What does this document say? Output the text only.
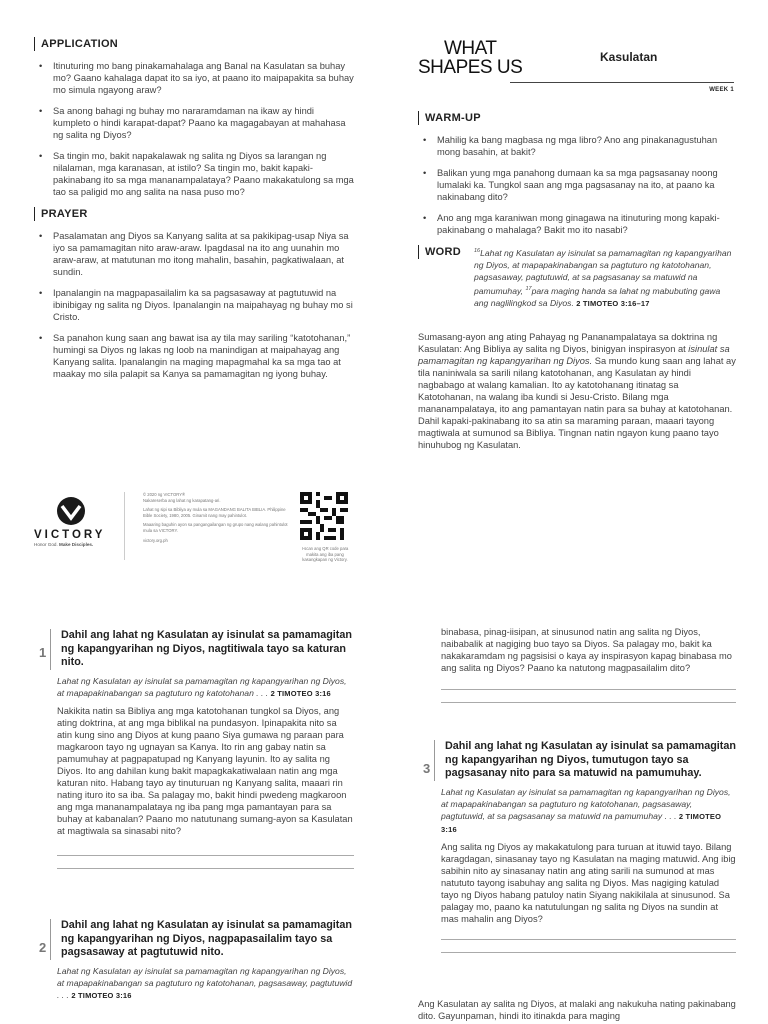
APPLICATION
• Itinuturing mo bang pinakamahalaga ang Banal na Kasulatan sa buhay mo? Gaano kahalaga dapat ito sa iyo, at paano ito maipapakita sa buhay mo simula ngayong araw?
• Sa anong bahagi ng buhay mo nararamdaman na ikaw ay hindi kumpleto o hindi karapat-dapat? Paano ka magagabayan at mahahasa ng salita ng Diyos?
• Sa tingin mo, bakit napakalawak ng salita ng Diyos sa larangan ng nilalaman, mga karanasan, at istilo? Sa tingin mo, bakit kapaki-pakinabang ito sa mga mananampalataya? Paano makakatulong sa mga tao sa paligid mo ang salita na nasa puso mo?
PRAYER
• Pasalamatan ang Diyos sa Kanyang salita at sa pakikipag-usap Niya sa iyo sa pamamagitan nito araw-araw. Ipagdasal na ito ang uunahin mo araw-araw, at matutunan mo itong mahalin, basahin, pagkatiwalaan, at sundin.
• Ipanalangin na magpapasailalim ka sa pagsasaway at pagtutuwid na ibinibigay ng salita ng Diyos. Ipanalangin na maipahayag ng buhay mo si Cristo.
• Sa panahon kung saan ang bawat isa ay tila may sariling “katotohanan,” humingi sa Diyos ng lakas ng loob na manindigan at maipahayag ang Kanyang salita. Ipanalangin na maging mapagmahal ka sa mga tao at maakay mo sila palapit sa Kanya sa pamamagitan ng iyong buhay.
VICTORY
Honor God. Make Disciples.

© 2020 ng VICTORY®

Nakareserba ang lahat ng karapatang-ari.

Lahat ng sipi sa Bibliya ay mula sa MAGANDANG BALITA BIBLIA. Philippine Bible Society, 1980, 2005. Ginamit nang may pahintulot.

Maaaring baguhin ayon sa pangangailangan ng grupo nang walang pahintulot mula sa VICTORY.

victory.org.ph

I-scan ang QR code para makita ang iba pang kasangkapan ng Victory.

WHAT
SHAPES US	Kasulatan
WEEK 1
WARM-UP
• Mahilig ka bang magbasa ng mga libro? Ano ang pinakanagustuhan mong basahin, at bakit?
• Balikan yung mga panahong dumaan ka sa mga pagsasanay noong lumalaki ka. Tungkol saan ang mga pagsasanay na ito, at paano ka nakinabang dito?
• Ano ang mga karaniwan mong ginagawa na itinuturing mong kapaki-pakinabang o mahalaga? Bakit mo ito nasabi?
WORD $^{16}$Lahat ng Kasulatan ay isinulat sa pamamagitan ng kapangyarihan ng Diyos, at mapapakinabangan sa pagtuturo ng katotohanan, pagsasaway, pagtutuwid, at sa pagsasanay sa matuwid na pamumuhay, $^{17}$para maging handa sa lahat ng mabubuting gawa ang naglilingkod sa Diyos. 2 TIMOTEO 3:16–17

Sumasang-ayon ang ating Pahayag ng Pananampalataya sa doktrina ng Kasulatan: Ang Bibliya ay salita ng Diyos, binigyan inspirasyon at isinulat sa pamamagitan ng kapangyarihan ng Diyos. Sa mundo kung saan ang lahat ay tila naniniwala sa sarili nilang katotohanan, ang Kasulatan ay hindi nagbabago at walang kamalian. Ito ay katotohanang itinatag sa Katotohanan, na walang iba kundi si Jesu-Cristo. Bilang mga mananampalataya, ito ang pamantayan natin para sa buhay at katotohanan. Dahil kapaki-pakinabang ito sa atin sa maraming paraan, maaari tayong magtiwala at sumunod sa Bibliya. Tingnan natin ngayon kung paano tayo hinuhubog ng Kasulatan.

1
Dahil ang lahat ng Kasulatan ay isinulat sa pamamagitan ng kapangyarihan ng Diyos, nagtitiwala tayo sa katuran nito.

Lahat ng Kasulatan ay isinulat sa pamamagitan ng kapangyarihan ng Diyos, at mapapakinabangan sa pagtuturo ng katotohanan . . . 2 TIMOTEO 3:16

Nakikita natin sa Bibliya ang mga katotohanan tungkol sa Diyos, ang ating doktrina, at ang mga biblikal na pundasyon. Ipinapakita nito sa atin kung sino ang Diyos at kung paano Siya gumawa ng paraan para magkaroon tayo ng ugnayan sa Kanya. Ito rin ang gabay natin sa pamumuhay at pagpapatupad ng Kanyang layunin. Ito ay salita ng Diyos. Ito ang dahilan kung bakit mapagkakatiwalaan natin ang mga katuran nito. Habang tayo ay tinuturuan ng Kanyang salita, maaari rin nating ituro ito sa iba. Sa palagay mo, bakit hindi pwedeng magkaroon ang mga mananampalataya ng iba pang mga pamantayan para sa buhay at kabanalan? Paano mo natutunang sumang-ayon sa Kasulatan at magtiwala sa sinasabi nito?

2
Dahil ang lahat ng Kasulatan ay isinulat sa pamamagitan ng kapangyarihan ng Diyos, nagpapasailalim tayo sa pagsasaway at pagtutuwid nito.

Lahat ng Kasulatan ay isinulat sa pamamagitan ng kapangyarihan ng Diyos, at mapapakinabangan sa pagtuturo ng katotohanan, pagsasaway, pagtutuwid . . . 2 TIMOTEO 3:16

binabasa, pinag-iisipan, at sinusunod natin ang salita ng Diyos, naibabalik at nagiging buo tayo sa Diyos. Sa palagay mo, bakit ka nakakaramdam ng pagsisisi o kaya ay inspirasyon kapag binabasa mo ang salita ng Diyos? Paano ka natutong magpasailalim dito?

3
Dahil ang lahat ng Kasulatan ay isinulat sa pamamagitan ng kapangyarihan ng Diyos, tumutugon tayo sa pagsasanay nito para sa matuwid na pamumuhay.

Lahat ng Kasulatan ay isinulat sa pamamagitan ng kapangyarihan ng Diyos, at mapapakinabangan sa pagtuturo ng katotohanan, pagsasaway, pagtutuwid, at sa pagsasanay sa matuwid na pamumuhay . . . 2 TIMOTEO 3:16

Ang salita ng Diyos ay makakatulong para turuan at ituwid tayo. Bilang karagdagan, sinasanay tayo ng Kasulatan na maging matuwid. Ang ibig sabihin nito ay sinasanay natin ang ating sarili na sumunod at mas natututo tayong isabuhay ang salita ng Diyos. Mas nagiging katulad tayo ng Diyos habang patuloy natin Siyang nakikilala at sinusunod. Sa palagay mo, paano ka natutulungan ng salita ng Diyos na sundin at mas mahalin ang Diyos?

Ang Kasulatan ay salita ng Diyos, at malaki ang nakukuha nating pakinabang dito. Gayunpaman, hindi ito itinakda para maging
